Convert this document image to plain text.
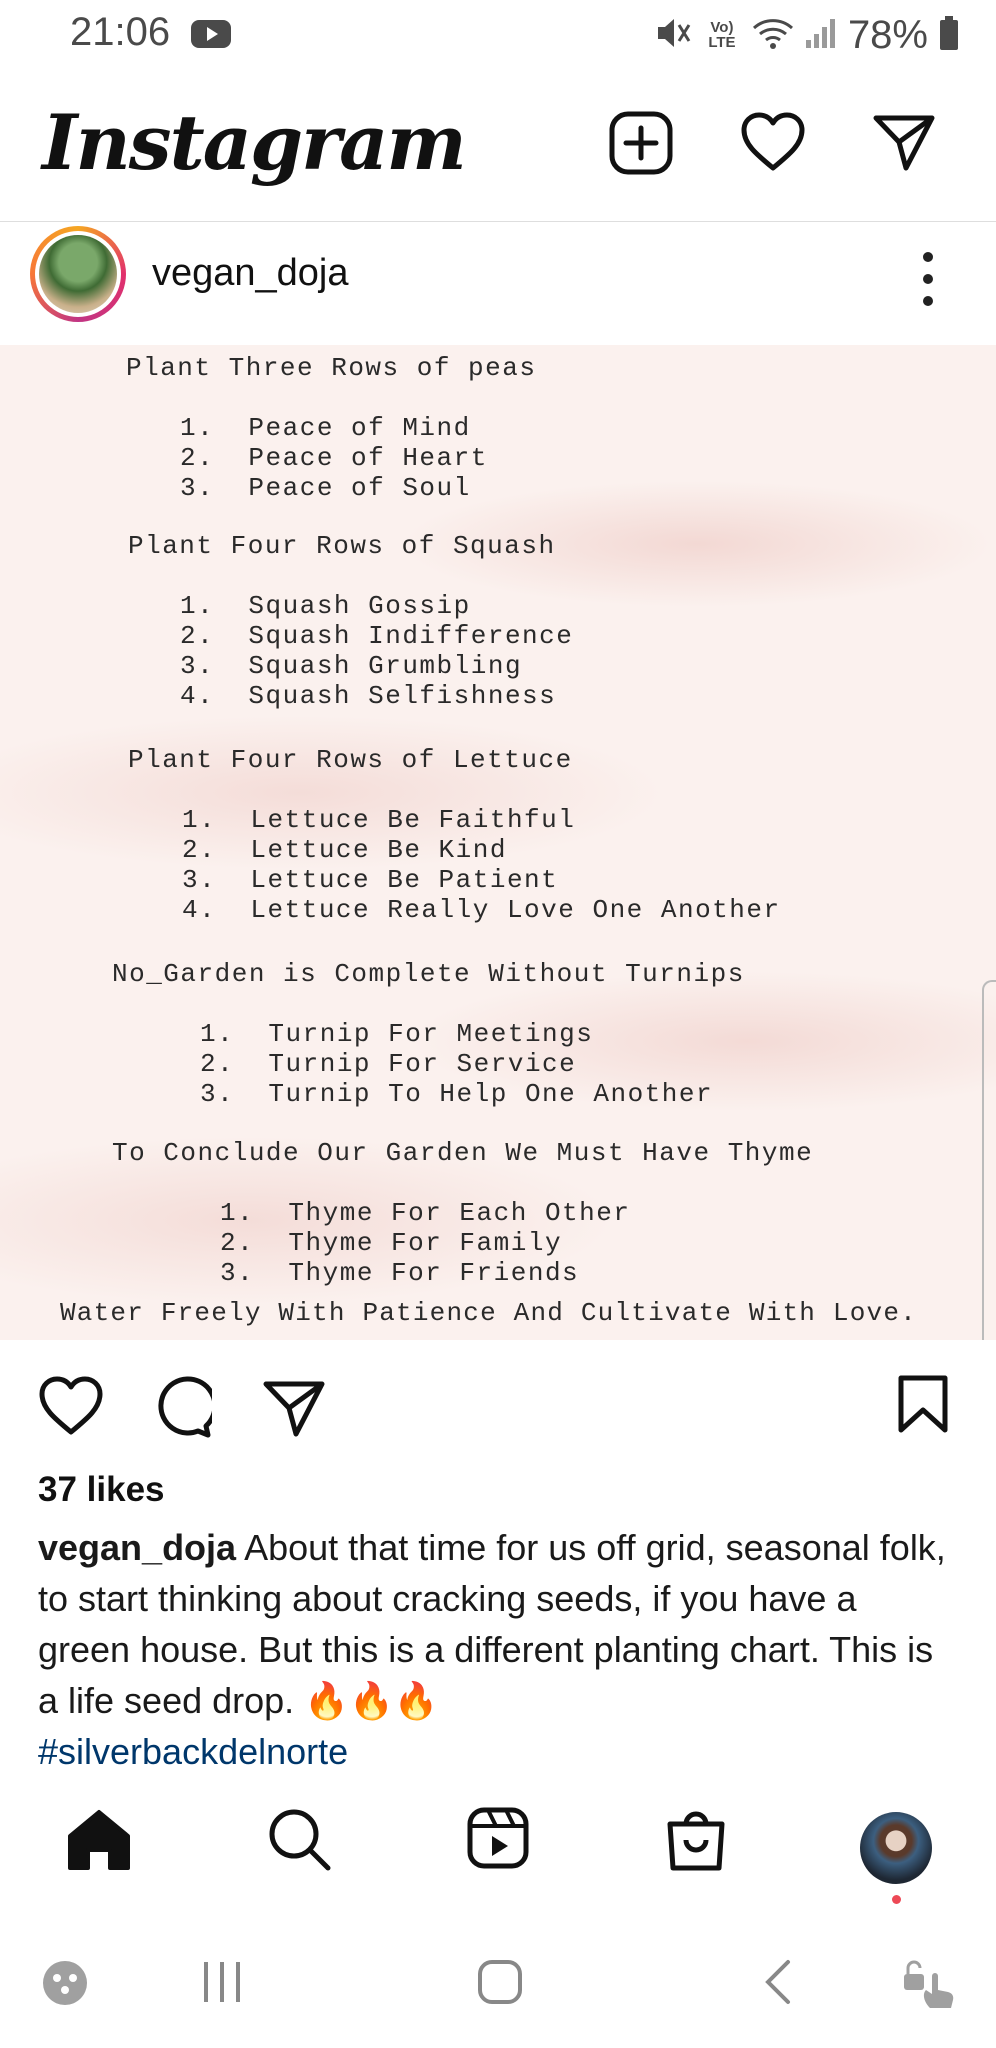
21:06	Vo) LTE	78%
Instagram
vegan_doja
Plant Three Rows of peas
1.  Peace of Mind
2.  Peace of Heart
3.  Peace of Soul
Plant Four Rows of Squash
1.  Squash Gossip
2.  Squash Indifference
3.  Squash Grumbling
4.  Squash Selfishness
Plant Four Rows of Lettuce
1.  Lettuce Be Faithful
2.  Lettuce Be Kind
3.  Lettuce Be Patient
4.  Lettuce Really Love One Another
No_Garden is Complete Without Turnips
1.  Turnip For Meetings
2.  Turnip For Service
3.  Turnip To Help One Another
To Conclude Our Garden We Must Have Thyme
1.  Thyme For Each Other
2.  Thyme For Family
3.  Thyme For Friends
Water Freely With Patience And Cultivate With Love.
37 likes
vegan_doja About that time for us off grid, seasonal folk, to start thinking about cracking seeds, if you have a green house. But this is a different planting chart. This is a life seed drop. 🔥🔥🔥
#silverbackdelnorte
